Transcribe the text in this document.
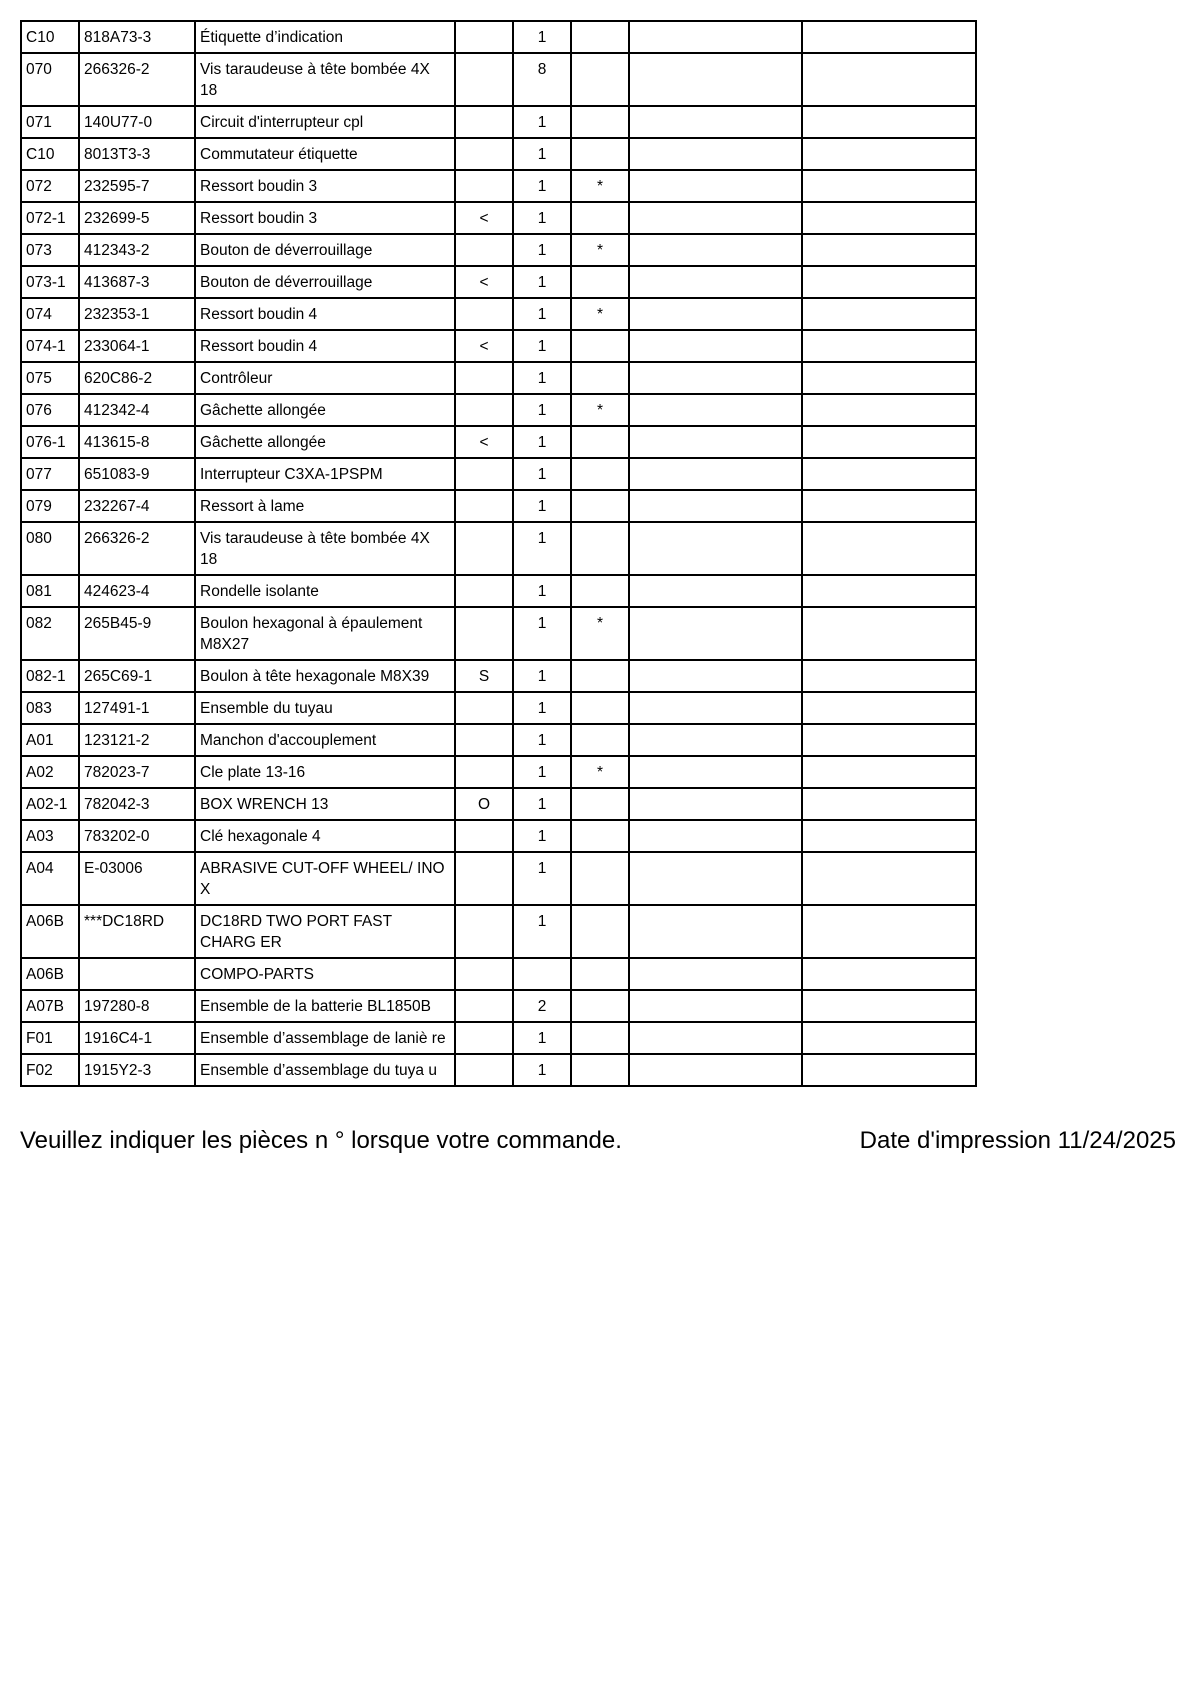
C10	818A73-3	Étiquette d’indication		1			
070	266326-2	Vis taraudeuse à tête bombée 4X 18		8			
071	140U77-0	Circuit d'interrupteur cpl		1			
C10	8013T3-3	Commutateur étiquette		1			
072	232595-7	Ressort boudin 3		1	*		
072-1	232699-5	Ressort boudin 3	<	1			
073	412343-2	Bouton de déverrouillage		1	*		
073-1	413687-3	Bouton de déverrouillage	<	1			
074	232353-1	Ressort boudin 4		1	*		
074-1	233064-1	Ressort boudin 4	<	1			
075	620C86-2	Contrôleur		1			
076	412342-4	Gâchette allongée		1	*		
076-1	413615-8	Gâchette allongée	<	1			
077	651083-9	Interrupteur C3XA-1PSPM		1			
079	232267-4	Ressort à lame		1			
080	266326-2	Vis taraudeuse à tête bombée 4X 18		1			
081	424623-4	Rondelle isolante		1			
082	265B45-9	Boulon hexagonal à épaulement M8X27		1	*		
082-1	265C69-1	Boulon à tête hexagonale M8X39	S	1			
083	127491-1	Ensemble du tuyau		1			
A01	123121-2	Manchon d'accouplement		1			
A02	782023-7	Cle plate 13-16		1	*		
A02-1	782042-3	BOX WRENCH 13	O	1			
A03	783202-0	Clé hexagonale 4		1			
A04	E-03006	ABRASIVE CUT-OFF WHEEL/ INO X		1			
A06B	***DC18RD	DC18RD TWO PORT FAST CHARG ER		1			
A06B		COMPO-PARTS					
A07B	197280-8	Ensemble de la batterie BL1850B		2			
F01	1916C4-1	Ensemble d’assemblage de laniè re		1			
F02	1915Y2-3	Ensemble d’assemblage du tuya u		1			
Veuillez indiquer les pièces n ° lorsque votre commande.	Date d'impression 11/24/2025
